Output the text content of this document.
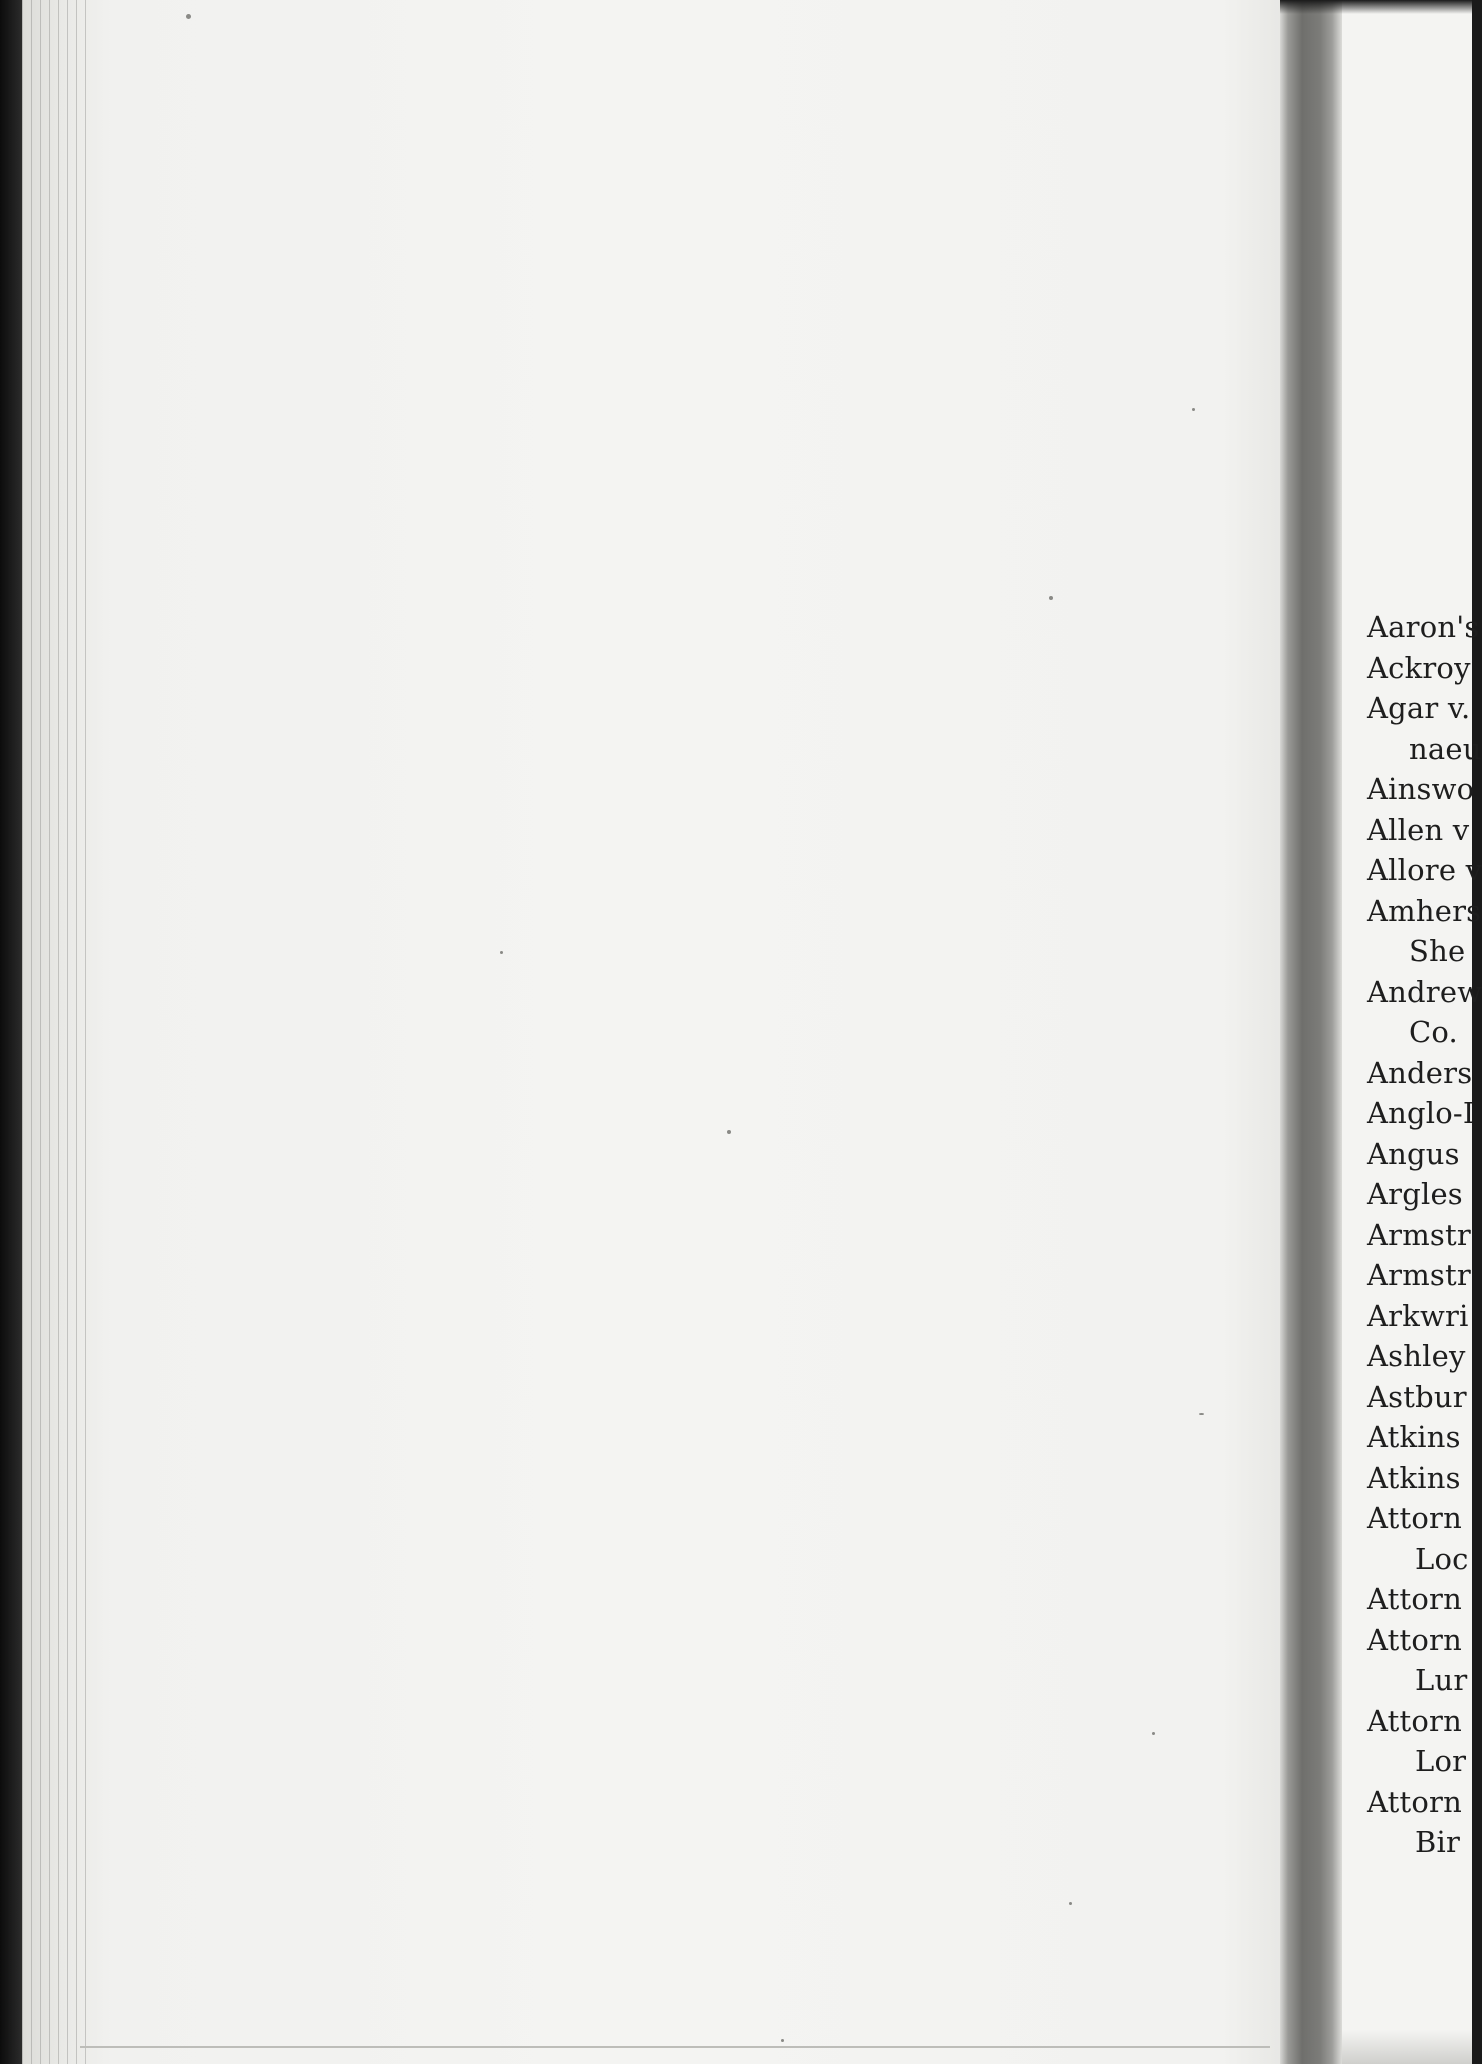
Aaron's
Ackroy
Agar v.
naeu
Ainswo
Allen v
Allore v
Amhers
She
Andrew
Co.
Anders
Anglo-I
Angus
Argles
Armstr
Armstr
Arkwri
Ashley
Astbur
Atkins
Atkins
Attorn
Loc
Attorn
Attorn
Lur
Attorn
Lor
Attorn
Bir
